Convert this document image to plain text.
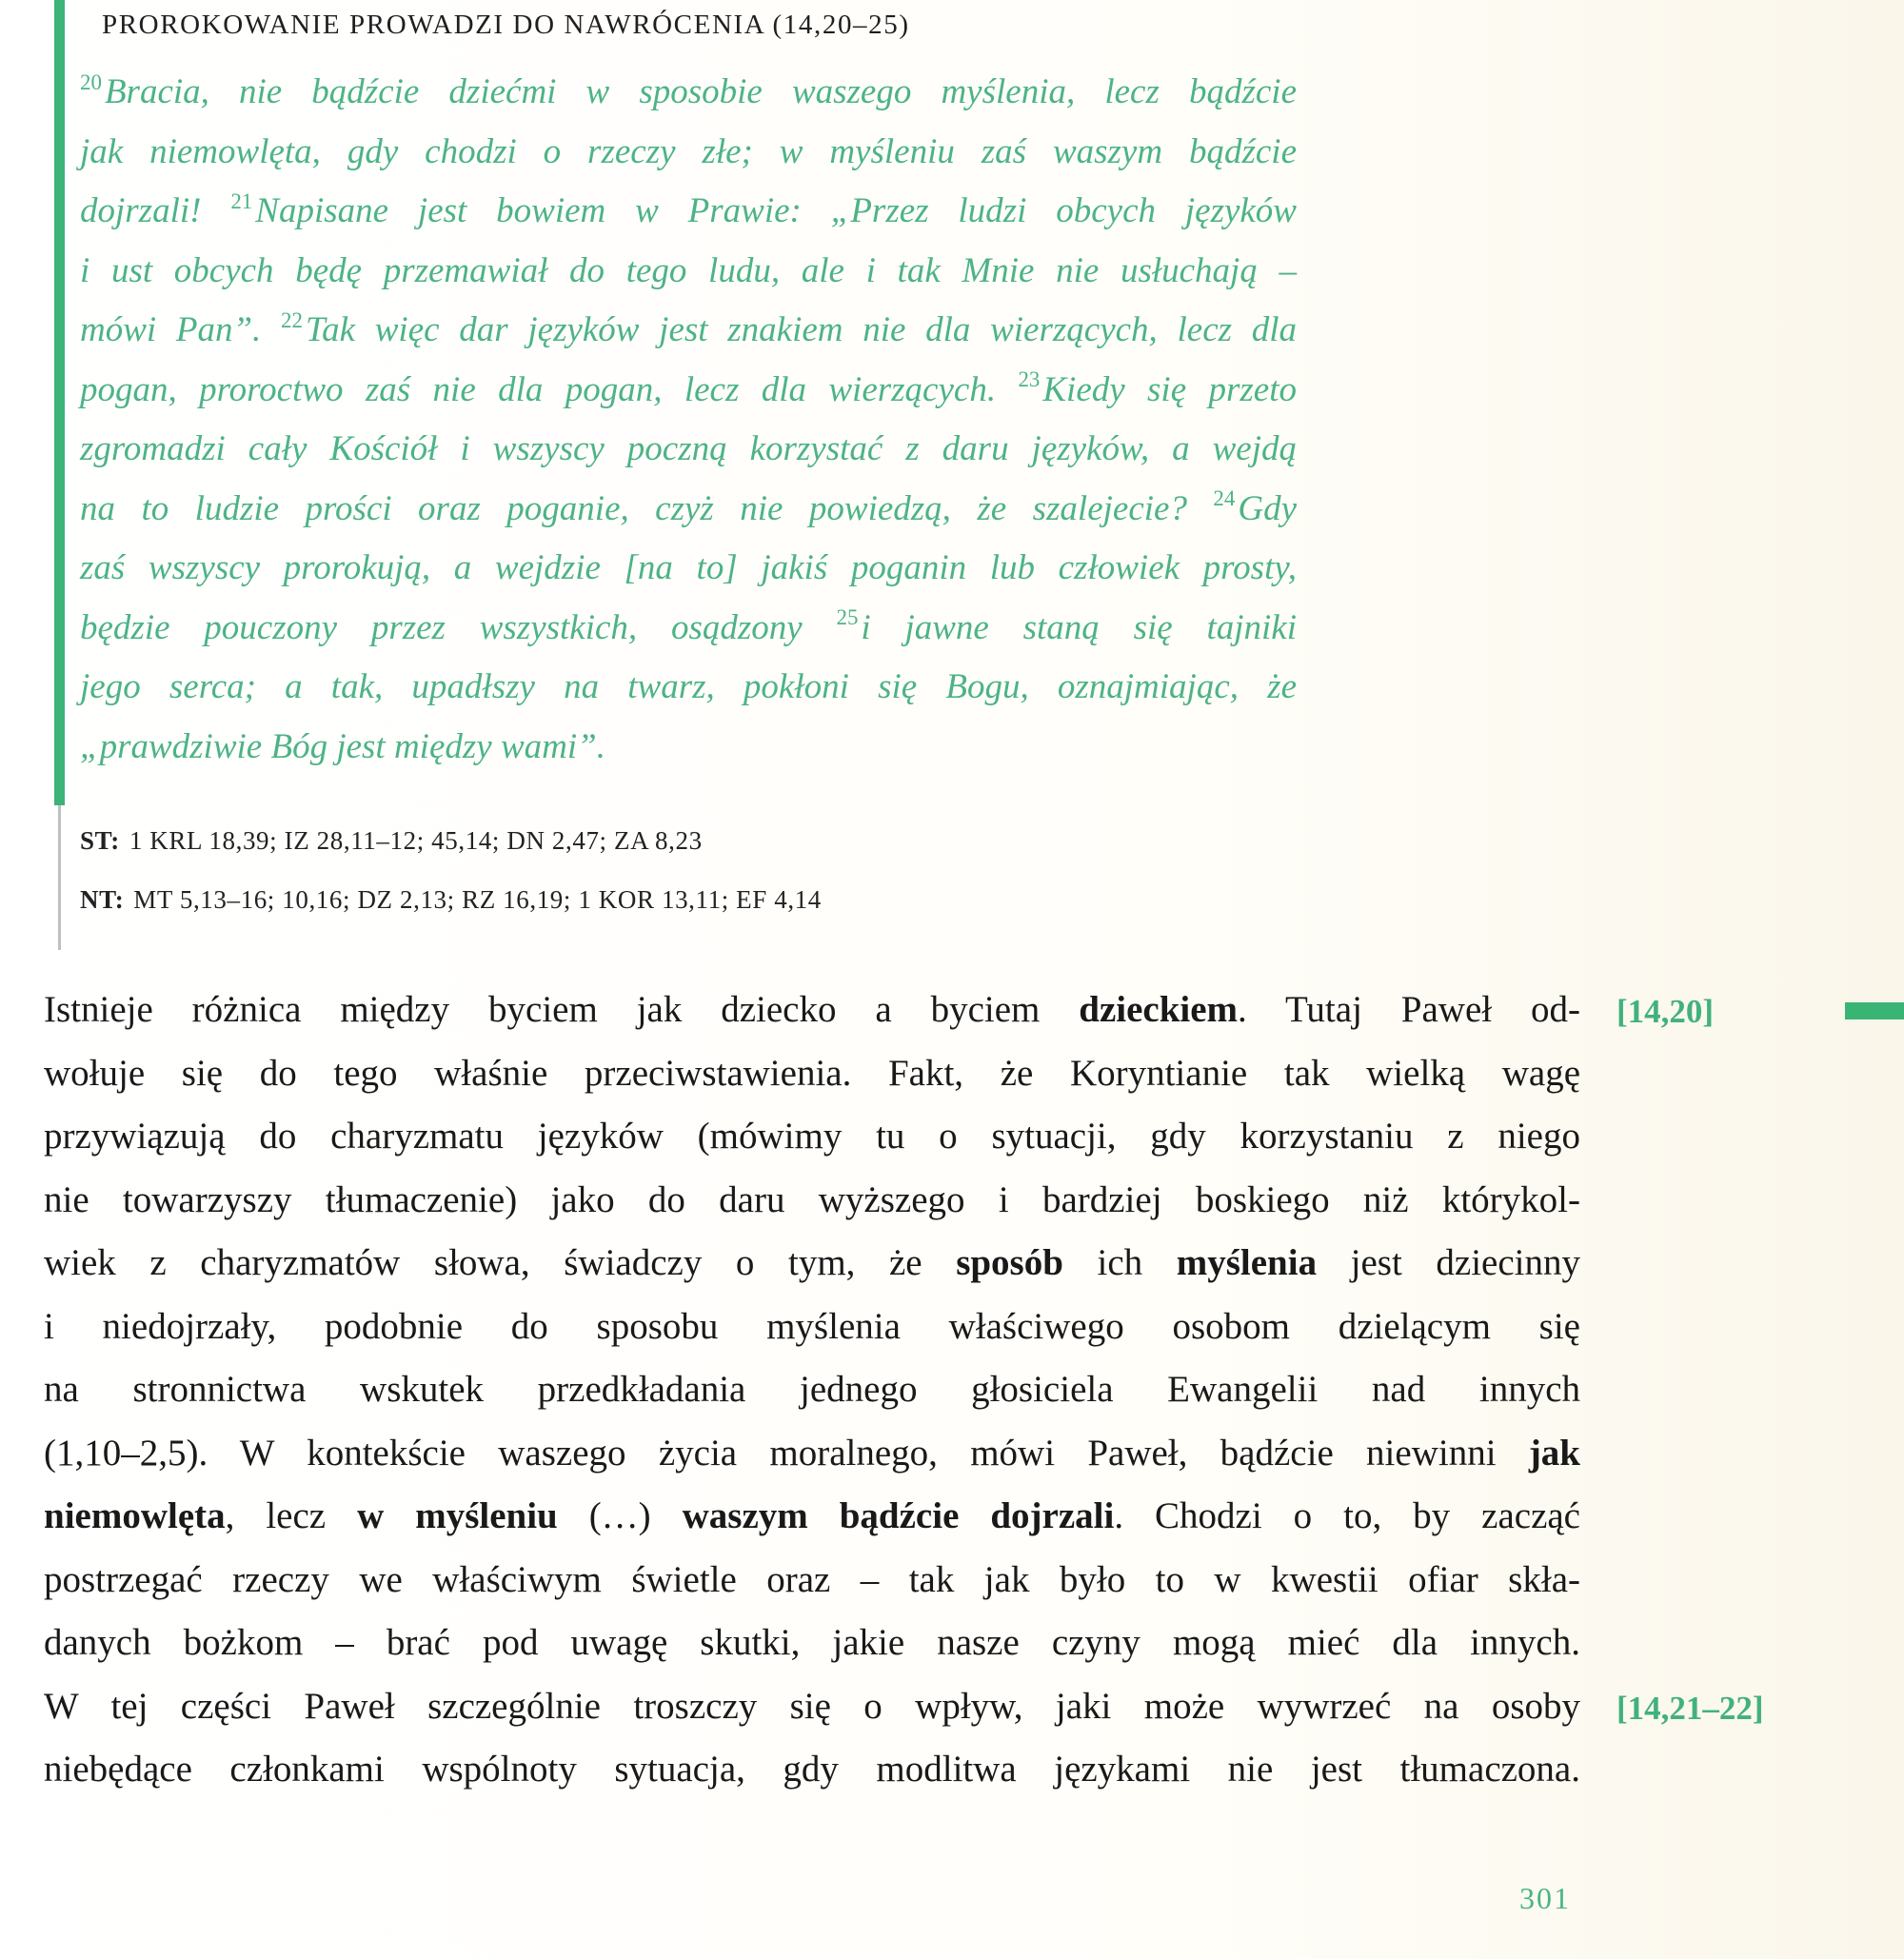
PROROKOWANIE PROWADZI DO NAWRÓCENIA (14,20–25)
$^{20}$Bracia, nie bądźcie dziećmi w sposobie waszego myślenia, lecz bądźcie
jak niemowlęta, gdy chodzi o rzeczy złe; w myśleniu zaś waszym bądźcie
dojrzali! $^{21}$Napisane jest bowiem w Prawie: „Przez ludzi obcych języków
i ust obcych będę przemawiał do tego ludu, ale i tak Mnie nie usłuchają –
mówi Pan”. $^{22}$Tak więc dar języków jest znakiem nie dla wierzących, lecz dla
pogan, proroctwo zaś nie dla pogan, lecz dla wierzących. $^{23}$Kiedy się przeto
zgromadzi cały Kościół i wszyscy poczną korzystać z daru języków, a wejdą
na to ludzie prości oraz poganie, czyż nie powiedzą, że szalejecie? $^{24}$Gdy
zaś wszyscy prorokują, a wejdzie [na to] jakiś poganin lub człowiek prosty,
będzie pouczony przez wszystkich, osądzony $^{25}$i jawne staną się tajniki
jego serca; a tak, upadłszy na twarz, pokłoni się Bogu, oznajmiając, że
„prawdziwie Bóg jest między wami”.
ST: 1 KRL 18,39; IZ 28,11–12; 45,14; DN 2,47; ZA 8,23
NT: MT 5,13–16; 10,16; DZ 2,13; RZ 16,19; 1 KOR 13,11; EF 4,14
[14,20]
Istnieje różnica między byciem jak dziecko a byciem dzieckiem. Tutaj Paweł od-
wołuje się do tego właśnie przeciwstawienia. Fakt, że Koryntianie tak wielką wagę
przywiązują do charyzmatu języków (mówimy tu o sytuacji, gdy korzystaniu z niego
nie towarzyszy tłumaczenie) jako do daru wyższego i bardziej boskiego niż którykol-
wiek z charyzmatów słowa, świadczy o tym, że sposób ich myślenia jest dziecinny
i niedojrzały, podobnie do sposobu myślenia właściwego osobom dzielącym się
na stronnictwa wskutek przedkładania jednego głosiciela Ewangelii nad innych
(1,10–2,5). W kontekście waszego życia moralnego, mówi Paweł, bądźcie niewinni jak
niemowlęta, lecz w myśleniu (…) waszym bądźcie dojrzali. Chodzi o to, by zacząć
postrzegać rzeczy we właściwym świetle oraz – tak jak było to w kwestii ofiar skła-
danych bożkom – brać pod uwagę skutki, jakie nasze czyny mogą mieć dla innych.
[14,21–22]
W tej części Paweł szczególnie troszczy się o wpływ, jaki może wywrzeć na osoby
niebędące członkami wspólnoty sytuacja, gdy modlitwa językami nie jest tłumaczona.
301
